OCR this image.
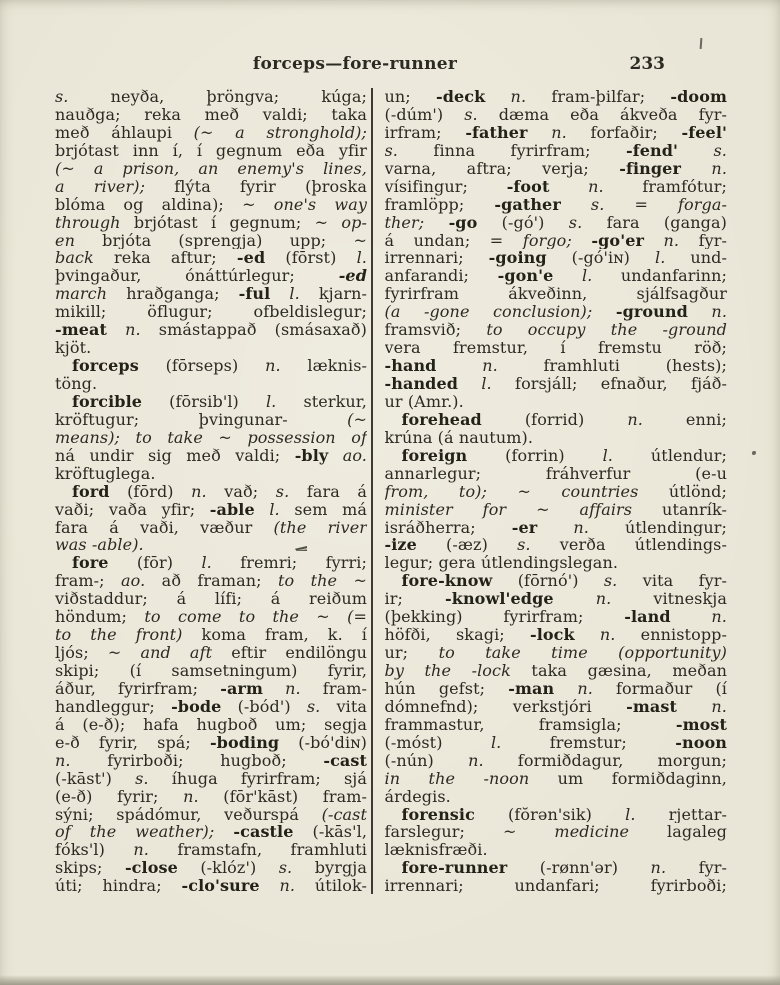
forceps—fore-runner	233
s. neyða, þröngva; kúga;
nauðga; reka með valdi; taka
með áhlaupi (~ a stronghold);
brjótast inn í, í gegnum eða yfir
(~ a prison, an enemy's lines,
a river); flýta fyrir (þroska
blóma og aldina); ~ one's way
through brjótast í gegnum; ~ op-
en brjóta (sprengja) upp; ~
back reka aftur; -ed (fōrst) l.
þvingaður, ónáttúrlegur; -ed
march hraðganga; -ful l. kjarn-
mikill; öflugur; ofbeldislegur;
-meat n. smástappað (smásaxað)
kjöt.
forceps (fōrseps) n. læknis-
töng.
forcible (fōrsib'l) l. sterkur,
kröftugur; þvingunar- (~
means); to take ~ possession of
ná undir sig með valdi; -bly ao.
kröftuglega.
ford (fōrd) n. vað; s. fara á
vaði; vaða yfir; -able l. sem má
fara á vaði, væður (the river
was -able).
fore (fōr) l. fremri; fyrri;
fram-; ao. að framan; to the ~
viðstaddur; á lífi; á reiðum
höndum; to come to the ~ (=
to the front) koma fram, k. í
ljós; ~ and aft eftir endilöngu
skipi; (í samsetningum) fyrir,
áður, fyrirfram; -arm n. fram-
handleggur; -bode (-bód') s. vita
á (e-ð); hafa hugboð um; segja
e-ð fyrir, spá; -boding (-bó'diɴ)
n. fyrirboði; hugboð; -cast
(-kāst') s. íhuga fyrirfram; sjá
(e-ð) fyrir; n. (fōr'kāst) fram-
sýni; spádómur, veðurspá (-cast
of the weather); -castle (-kās'l,
fóks'l) n. framstafn, framhluti
skips; -close (-klóz') s. byrgja
úti; hindra; -clo'sure n. útilok-
un; -deck n. fram-þilfar; -doom
(-dúm') s. dæma eða ákveða fyr-
irfram; -father n. forfaðir; -feel'
s. finna fyrirfram; -fend' s.
varna, aftra; verja; -finger n.
vísifingur; -foot n. framfótur;
framlöpp; -gather s. = forga-
ther; -go (-gó') s. fara (ganga)
á undan; = forgo; -go'er n. fyr-
irrennari; -going (-gó'iɴ) l. und-
anfarandi; -gon'e l. undanfarinn;
fyrirfram ákveðinn, sjálfsagður
(a -gone conclusion); -ground n.
framsvið; to occupy the -ground
vera fremstur, í fremstu röð;
-hand	n. framhluti (hests);
-handed l. forsjáll; efnaður, fjáð-
ur (Amr.).
forehead (forrid) n. enni;
krúna (á nautum).
foreign (forrin) l. útlendur;
annarlegur; fráhverfur (e-u
from, to); ~ countries útlönd;
minister for ~ affairs utanrík-
isráðherra; -er n. útlendingur;
-ize (-æz) s. verða útlendings-
legur; gera útlendingslegan.
fore-know (fōrnó') s. vita fyr-
ir; -knowl'edge	n. vitneskja
(þekking) fyrirfram; -land	n.
höfði, skagi; -lock n. ennistopp-
ur; to take time (opportunity)
by the -lock taka gæsina, meðan
hún gefst; -man n. formaður (í
dómnefnd); verkstjóri -mast n.
frammastur, framsigla; -most
(-móst) l. fremstur; -noon
(-nún) n. formiðdagur, morgun;
in the -noon um formiðdaginn,
árdegis.
forensic (fŏrən'sik) l. rjettar-
farslegur; ~ medicine lagaleg
læknisfræði.
fore-runner (-rønn'ər) n. fyr-
irrennari; undanfari; fyrirboði;
